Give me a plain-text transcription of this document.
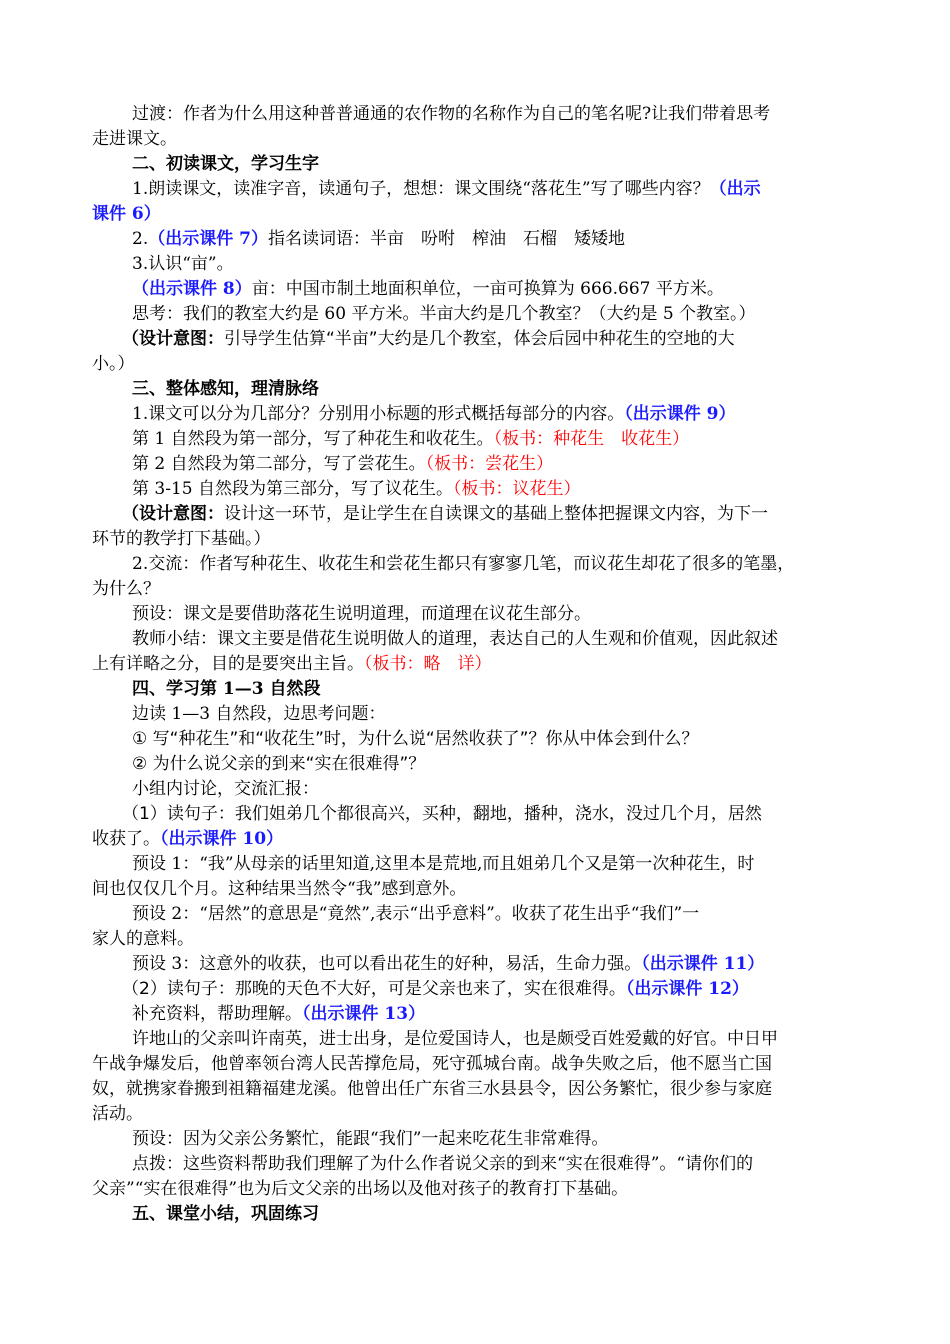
过渡：作者为什么用这种普普通通的农作物的名称作为自己的笔名呢?让我们带着思考
走进课文。
二、初读课文，学习生字
1.朗读课文，读准字音，读通句子，想想：课文围绕“落花生”写了哪些内容？（出示
课件 6）
2.（出示课件 7）指名读词语：半亩　吩咐　榨油　石榴　矮矮地
3.认识“亩”。
（出示课件 8）亩：中国市制土地面积单位，一亩可换算为 666.667 平方米。
思考：我们的教室大约是 60 平方米。半亩大约是几个教室？（大约是 5 个教室。）
（设计意图：引导学生估算“半亩”大约是几个教室，体会后园中种花生的空地的大
小。）
三、整体感知，理清脉络
1.课文可以分为几部分？分别用小标题的形式概括每部分的内容。（出示课件 9）
第 1 自然段为第一部分，写了种花生和收花生。（板书：种花生　收花生）
第 2 自然段为第二部分，写了尝花生。（板书：尝花生）
第 3-15 自然段为第三部分，写了议花生。（板书：议花生）
（设计意图：设计这一环节，是让学生在自读课文的基础上整体把握课文内容，为下一
环节的教学打下基础。）
2.交流：作者写种花生、收花生和尝花生都只有寥寥几笔，而议花生却花了很多的笔墨，
为什么？
预设：课文是要借助落花生说明道理，而道理在议花生部分。
教师小结：课文主要是借花生说明做人的道理，表达自己的人生观和价值观，因此叙述
上有详略之分，目的是要突出主旨。（板书：略　详）
四、学习第 1—3 自然段
边读 1—3 自然段，边思考问题：
① 写“种花生”和“收花生”时，为什么说“居然收获了”？你从中体会到什么？
② 为什么说父亲的到来“实在很难得”？
小组内讨论，交流汇报：
（1）读句子：我们姐弟几个都很高兴，买种，翻地，播种，浇水，没过几个月，居然
收获了。（出示课件 10）
预设 1：“我”从母亲的话里知道,这里本是荒地,而且姐弟几个又是第一次种花生，时
间也仅仅几个月。这种结果当然令“我”感到意外。
预设 2：“居然”的意思是“竟然”,表示“出乎意料”。收获了花生出乎“我们”一
家人的意料。
预设 3：这意外的收获，也可以看出花生的好种，易活，生命力强。（出示课件 11）
（2）读句子：那晚的天色不大好，可是父亲也来了，实在很难得。（出示课件 12）
补充资料，帮助理解。（出示课件 13）
许地山的父亲叫许南英，进士出身，是位爱国诗人，也是颇受百姓爱戴的好官。中日甲
午战争爆发后，他曾率领台湾人民苦撑危局，死守孤城台南。战争失败之后，他不愿当亡国
奴，就携家眷搬到祖籍福建龙溪。他曾出任广东省三水县县令，因公务繁忙，很少参与家庭
活动。
预设：因为父亲公务繁忙，能跟“我们”一起来吃花生非常难得。
点拨：这些资料帮助我们理解了为什么作者说父亲的到来“实在很难得”。“请你们的
父亲”“实在很难得”也为后文父亲的出场以及他对孩子的教育打下基础。
五、课堂小结，巩固练习
